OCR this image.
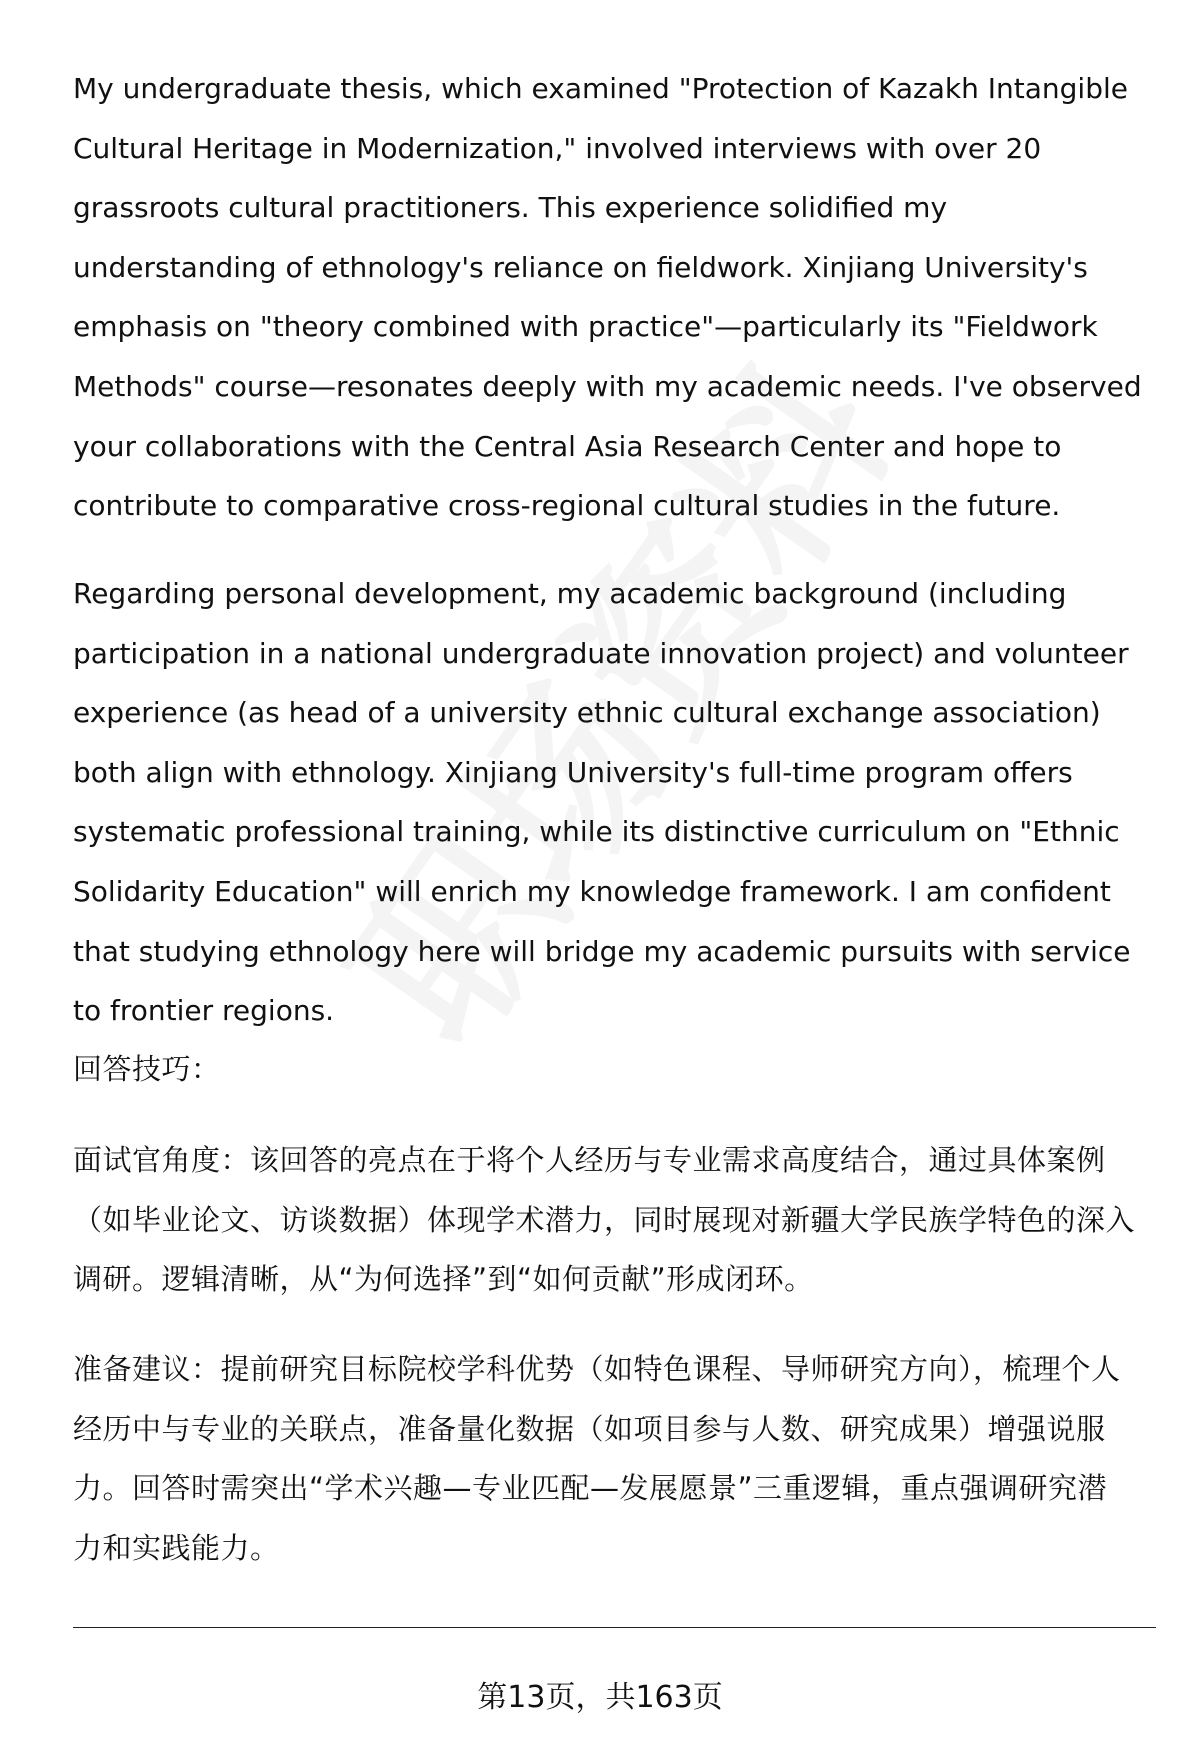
My undergraduate thesis, which examined "Protection of Kazakh Intangible
Cultural Heritage in Modernization," involved interviews with over 20
grassroots cultural practitioners. This experience solidified my
understanding of ethnology's reliance on fieldwork. Xinjiang University's
emphasis on "theory combined with practice"—particularly its "Fieldwork
Methods" course—resonates deeply with my academic needs. I've observed
your collaborations with the Central Asia Research Center and hope to
contribute to comparative cross-regional cultural studies in the future.
Regarding personal development, my academic background (including
participation in a national undergraduate innovation project) and volunteer
experience (as head of a university ethnic cultural exchange association)
both align with ethnology. Xinjiang University's full-time program offers
systematic professional training, while its distinctive curriculum on "Ethnic
Solidarity Education" will enrich my knowledge framework. I am confident
that studying ethnology here will bridge my academic pursuits with service
to frontier regions.
回答技巧：
面试官角度：该回答的亮点在于将个人经历与专业需求高度结合，通过具体案例
（如毕业论文、访谈数据）体现学术潜力，同时展现对新疆大学民族学特色的深入
调研。逻辑清晰，从“为何选择”到“如何贡献”形成闭环。
准备建议：提前研究目标院校学科优势（如特色课程、导师研究方向），梳理个人
经历中与专业的关联点，准备量化数据（如项目参与人数、研究成果）增强说服
力。回答时需突出“学术兴趣—专业匹配—发展愿景”三重逻辑，重点强调研究潜
力和实践能力。
第13页，共163页
